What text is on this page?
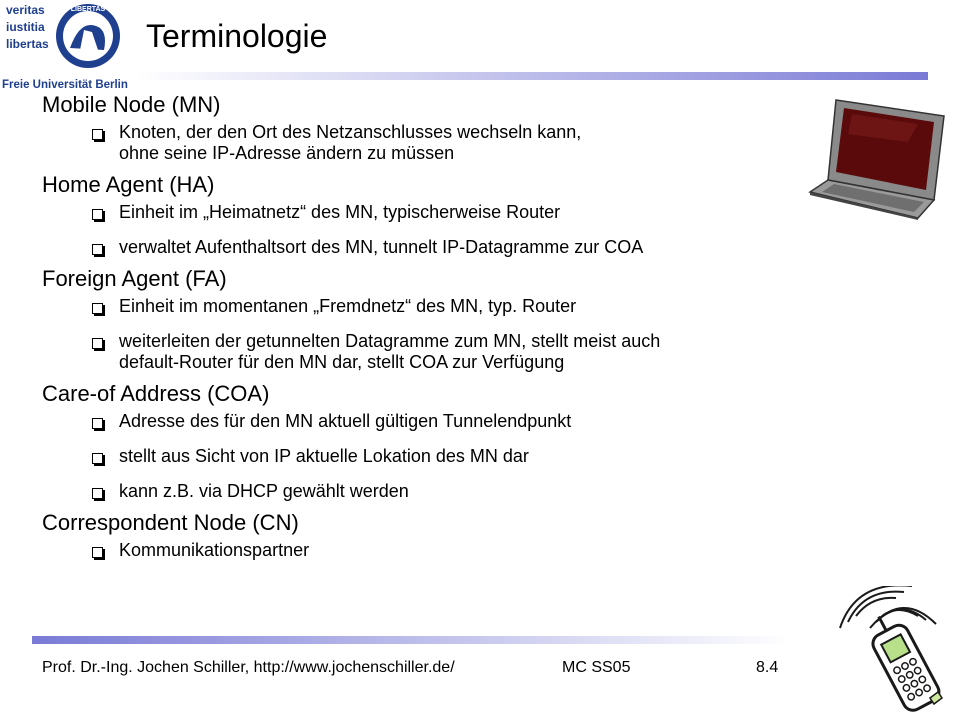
veritas
iustitia
libertas
LIBERTAS
Freie Universität Berlin
Terminologie
Mobile Node (MN)
Knoten, der den Ort des Netzanschlusses wechseln kann,
ohne seine IP-Adresse ändern zu müssen
Home Agent (HA)
Einheit im „Heimatnetz“ des MN, typischerweise Router
verwaltet Aufenthaltsort des MN, tunnelt IP-Datagramme zur COA
Foreign Agent (FA)
Einheit im momentanen „Fremdnetz“ des MN, typ. Router
weiterleiten der getunnelten Datagramme zum MN, stellt meist auch
default-Router für den MN dar, stellt COA zur Verfügung
Care-of Address (COA)
Adresse des für den MN aktuell gültigen Tunnelendpunkt
stellt aus Sicht von IP aktuelle Lokation des MN dar
kann z.B. via DHCP gewählt werden
Correspondent Node (CN)
Kommunikationspartner
Prof. Dr.-Ing. Jochen Schiller, http://www.jochenschiller.de/	MC SS05	8.4
